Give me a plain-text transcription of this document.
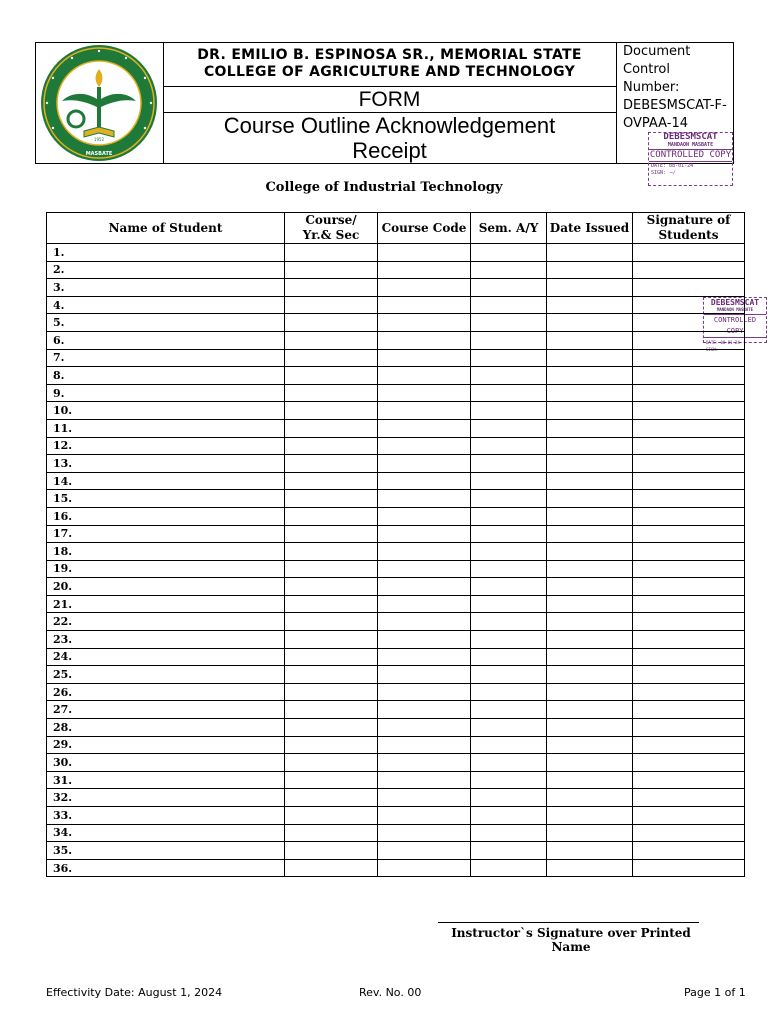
1952
MASBATE
DR. EMILIO B. ESPINOSA SR., MEMORIAL STATE
COLLEGE OF AGRICULTURE AND TECHNOLOGY
FORM
Course Outline Acknowledgement
Receipt
Document
Control
Number:
DEBESMSCAT-F-
OVPAA-14
DEBESMSCAT
MANDAON MASBATE
CONTROLLED COPY
DATE: 08-01-24
SIGN: ~/
DEBESMSCAT
MANDAON MASBATE
CONTROLLED COPY
DATE: 08-01-24
SIGN:
College of Industrial Technology
Name of Student	Course/ Yr.& Sec	Course Code	Sem. A/Y	Date Issued	Signature of Students

1.					
2.					
3.					
4.					
5.					
6.					
7.					
8.					
9.					
10.					
11.					
12.					
13.					
14.					
15.					
16.					
17.					
18.					
19.					
20.					
21.					
22.					
23.					
24.					
25.					
26.					
27.					
28.					
29.					
30.					
31.					
32.					
33.					
34.					
35.					
36.					
Instructor`s Signature over Printed Name
Effectivity Date: August 1, 2024	Rev. No. 00	Page 1 of 1
